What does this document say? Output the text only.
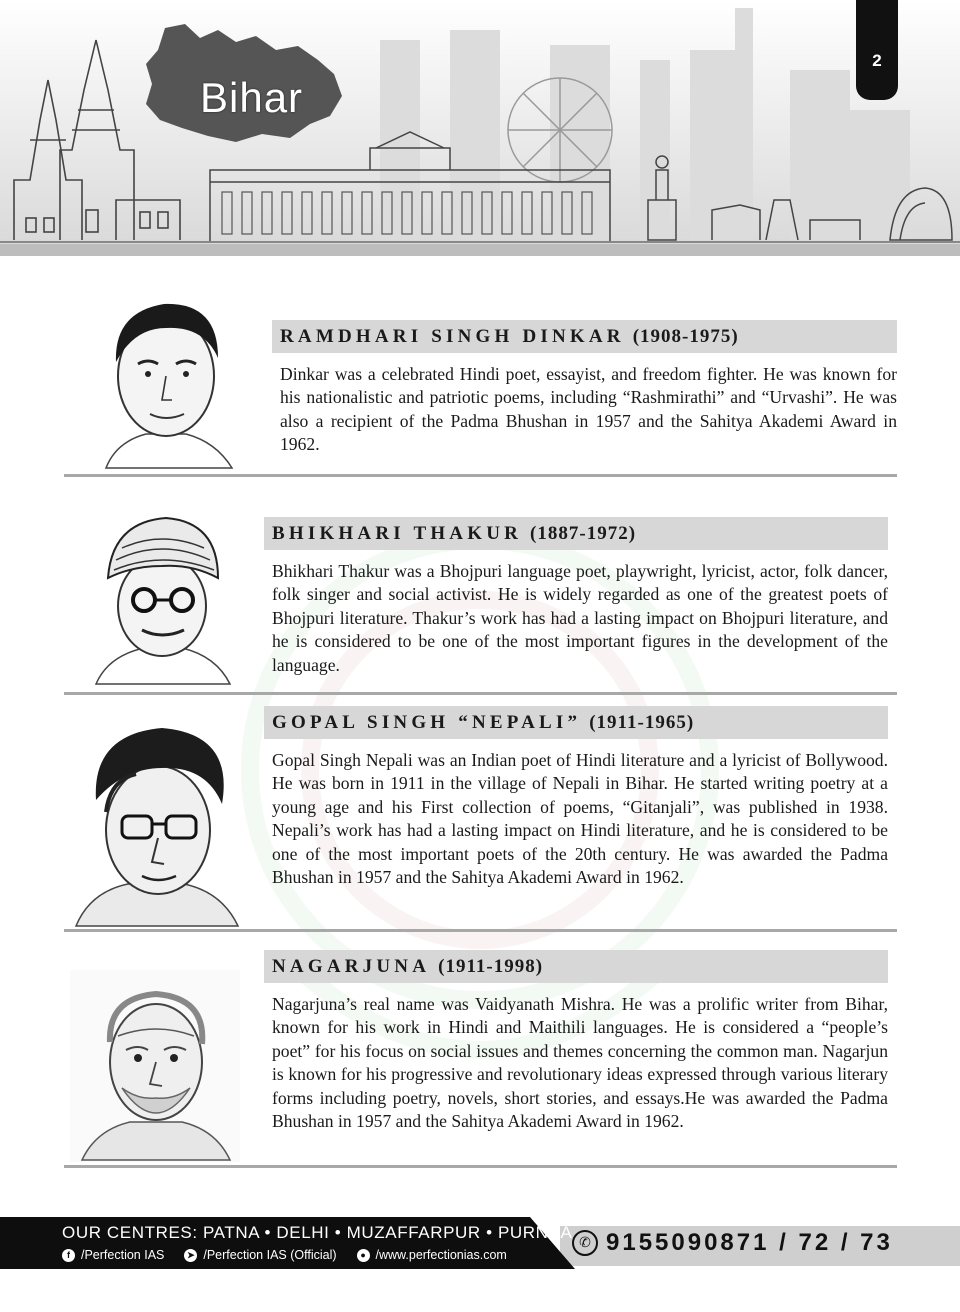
Bihar
2
RAMDHARI SINGH DINKAR (1908-1975)
Dinkar was a celebrated Hindi poet, essayist, and freedom fighter. He was known for his nationalistic and patriotic poems, including “Rashmirathi” and “Urvashi”. He was also a recipient of the Padma Bhushan in 1957 and the Sahitya Akademi Award in 1962.
BHIKHARI THAKUR (1887-1972)
Bhikhari Thakur was a Bhojpuri language poet, playwright, lyricist, actor, folk dancer, folk singer and social activist. He is widely regarded as one of the greatest poets of Bhojpuri literature. Thakur’s work has had a lasting impact on Bhojpuri literature, and he is considered to be one of the most important figures in the development of the language.
GOPAL SINGH “NEPALI” (1911-1965)
Gopal Singh Nepali was an Indian poet of Hindi literature and a lyricist of Bollywood. He was born in 1911 in the village of Nepali in Bihar. He started writing poetry at a young age and his First collection of poems, “Gitanjali”, was published in 1938. Nepali’s work has had a lasting impact on Hindi literature, and he is considered to be one of the most important poets of the 20th century. He was awarded the Padma Bhushan in 1957 and the Sahitya Akademi Award in 1962.
NAGARJUNA (1911-1998)
Nagarjuna’s real name was Vaidyanath Mishra. He was a prolific writer from Bihar, known for his work in Hindi and Maithili languages. He is considered a “people’s poet” for his focus on social issues and themes concerning the common man. Nagarjun is known for his progressive and revolutionary ideas expressed through various literary forms including poetry, novels, short stories, and essays.He was awarded the Padma Bhushan in 1957 and the Sahitya Akademi Award in 1962.
OUR CENTRES: PATNA • DELHI • MUZAFFARPUR • PURNEA
f /Perfection IAS	➤ /Perfection IAS (Official)	● /www.perfectionias.com
✆ 9155090871 / 72 / 73
